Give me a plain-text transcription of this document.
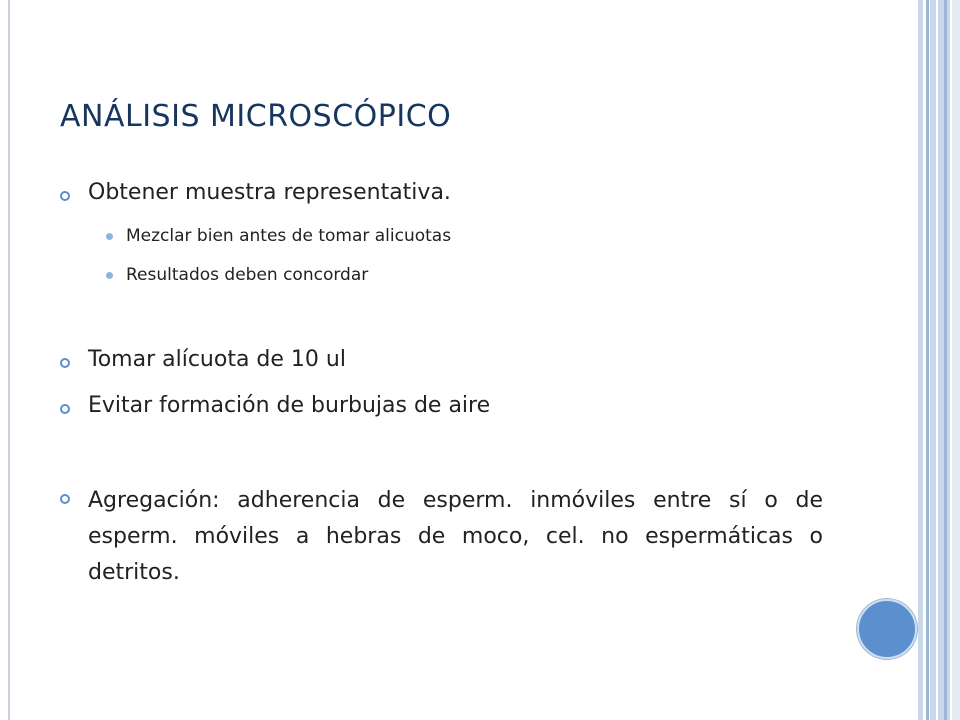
ANÁLISIS MICROSCÓPICO
Obtener muestra representativa.
Mezclar bien antes de tomar alicuotas
Resultados deben concordar
Tomar alícuota de 10 ul
Evitar formación de burbujas de aire
Agregación: adherencia de esperm. inmóviles entre sí o de esperm. móviles a hebras de moco, cel. no espermáticas o detritos.
